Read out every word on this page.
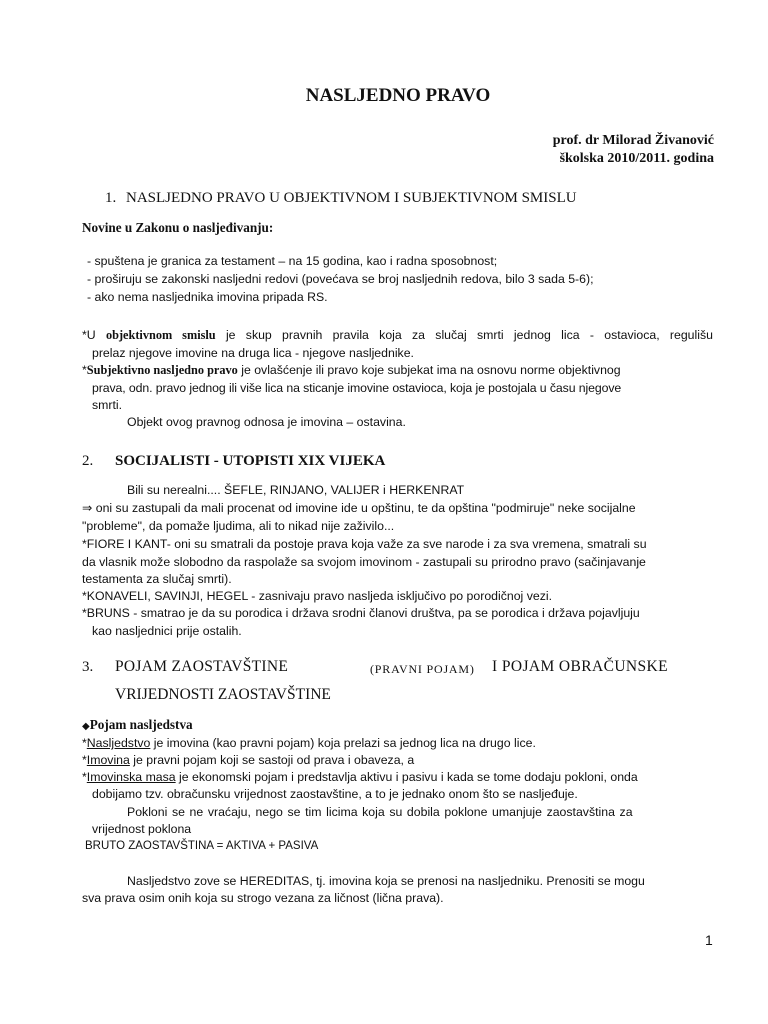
NASLJEDNO PRAVO
prof. dr Milorad Živanović
školska 2010/2011. godina
1. NASLJEDNO PRAVO U OBJEKTIVNOM I SUBJEKTIVNOM SMISLU
Novine u Zakonu o nasljeđivanju:
- spuštena je granica za testament – na 15 godina, kao i radna sposobnost;
- proširuju se zakonski nasljedni redovi (povećava se broj nasljednih redova, bilo 3 sada 5-6);
- ako nema nasljednika imovina pripada RS.
*U objektivnom smislu je skup pravnih pravila koja za slučaj smrti jednog lica - ostavioca, regulišu
prelaz njegove imovine na druga lica - njegove nasljednike.
*Subjektivno nasljedno pravo je ovlašćenje ili pravo koje subjekat ima na osnovu norme objektivnog
prava, odn. pravo jednog ili više lica na sticanje imovine ostavioca, koja je postojala u času njegove
smrti.
Objekt ovog pravnog odnosa je imovina – ostavina.
2. SOCIJALISTI - UTOPISTI XIX VIJEKA
Bili su nerealni.... ŠEFLE, RINJANO, VALIJER i HERKENRAT
⇒ oni su zastupali da mali procenat od imovine ide u opštinu, te da opština "podmiruje" neke socijalne
"probleme", da pomaže ljudima, ali to nikad nije zaživilo...
*FIORE I KANT- oni su smatrali da postoje prava koja važe za sve narode i za sva vremena, smatrali su
da vlasnik može slobodno da raspolaže sa svojom imovinom - zastupali su prirodno pravo (sačinjavanje
testamenta za slučaj smrti).
*KONAVELI, SAVINJI, HEGEL - zasnivaju pravo nasljeda isključivo po porodičnoj vezi.
*BRUNS - smatrao je da su porodica i država srodni članovi društva, pa se porodica i država pojavljuju
kao nasljednici prije ostalih.
3. POJAM ZAOSTAVŠTINE	(PRAVNI POJAM) I POJAM OBRAČUNSKE
VRIJEDNOSTI ZAOSTAVŠTINE
◆Pojam nasljedstva
*Nasljedstvo je imovina (kao pravni pojam) koja prelazi sa jednog lica na drugo lice.
*Imovina je pravni pojam koji se sastoji od prava i obaveza, a
*Imovinska masa je ekonomski pojam i predstavlja aktivu i pasivu i kada se tome dodaju pokloni, onda
dobijamo tzv. obračunsku vrijednost zaostavštine, a to je jednako onom što se nasljeđuje.
Pokloni se ne vraćaju, nego se tim licima koja su dobila poklone umanjuje zaostavština za
vrijednost poklona
BRUTO ZAOSTAVŠTINA = AKTIVA + PASIVA
Nasljedstvo zove se HEREDITAS, tj. imovina koja se prenosi na nasljedniku. Prenositi se mogu
sva prava osim onih koja su strogo vezana za ličnost (lična prava).
1
